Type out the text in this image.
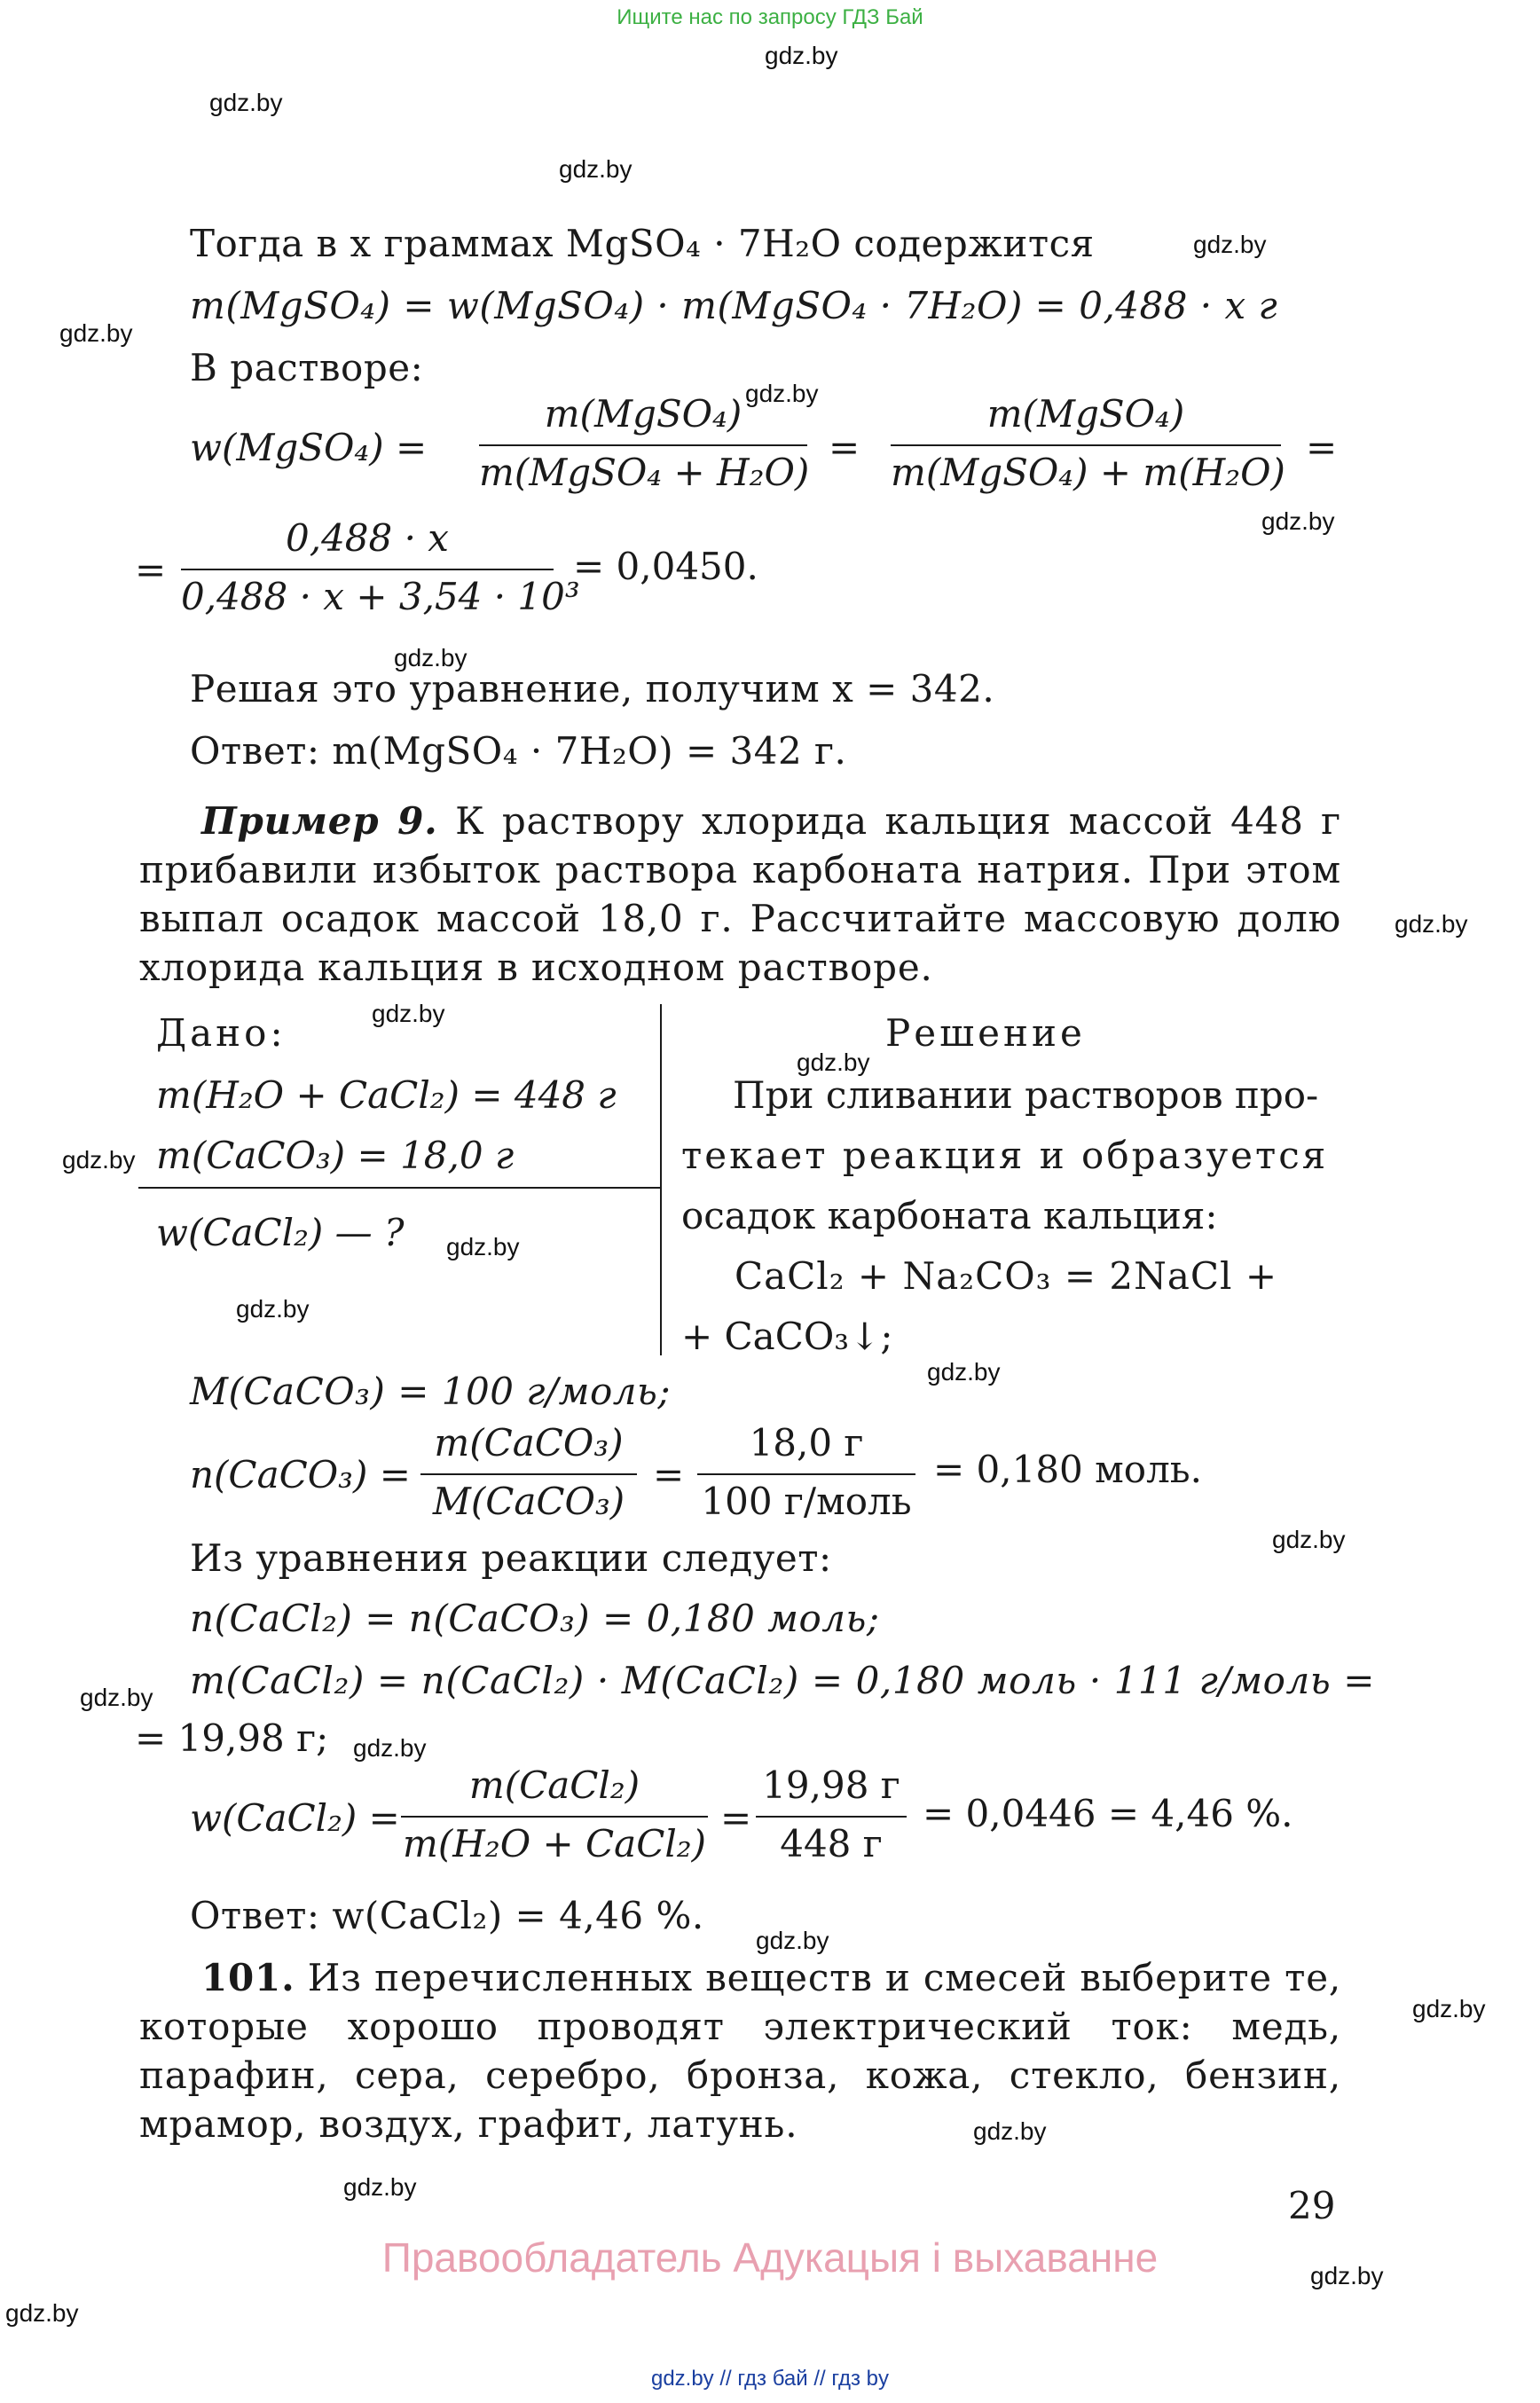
Ищите нас по запросу ГДЗ Бай
gdz.by
gdz.by
gdz.by
gdz.by
gdz.by
gdz.by
gdz.by
gdz.by
gdz.by
gdz.by
gdz.by
gdz.by
gdz.by
gdz.by
gdz.by
gdz.by
gdz.by
gdz.by
gdz.by
gdz.by
gdz.by
gdz.by
gdz.by
gdz.by
Тогда в x граммах MgSO₄ · 7H₂O содержится
m(MgSO₄) = w(MgSO₄) · m(MgSO₄ · 7H₂O) = 0,488 · x г
В растворе:
w(MgSO₄) =
m(MgSO₄)
m(MgSO₄ + H₂O)
=
m(MgSO₄)
m(MgSO₄) + m(H₂O)
=
=
0,488 · x
0,488 · x + 3,54 · 10³
= 0,0450.
Решая это уравнение, получим x = 342.
Ответ: m(MgSO₄ · 7H₂O) = 342 г.
Пример 9. К раствору хлорида кальция массой 448 г прибавили избыток раствора карбоната натрия. При этом выпал осадок массой 18,0 г. Рассчитайте массовую долю хлорида кальция в исходном растворе.
Дано:
m(H₂O + CaCl₂) = 448 г
m(CaCO₃) = 18,0 г
w(CaCl₂) — ?
Решение
При сливании растворов про-
текает реакция и образуется
осадок карбоната кальция:
CaCl₂ + Na₂CO₃ = 2NaCl +
+ CaCO₃↓;
M(CaCO₃) = 100 г/моль;
n(CaCO₃) =
m(CaCO₃)
M(CaCO₃)
=
18,0 г
100 г/моль
= 0,180 моль.
Из уравнения реакции следует:
n(CaCl₂) = n(CaCO₃) = 0,180 моль;
m(CaCl₂) = n(CaCl₂) · M(CaCl₂) = 0,180 моль · 111 г/моль =
= 19,98 г;
w(CaCl₂) =
m(CaCl₂)
m(H₂O + CaCl₂)
=
19,98 г
448 г
= 0,0446 = 4,46 %.
Ответ: w(CaCl₂) = 4,46 %.
101. Из перечисленных веществ и смесей выберите те, которые хорошо проводят электрический ток: медь, парафин, сера, серебро, бронза, кожа, стекло, бензин, мрамор, воздух, графит, латунь.
29
Правообладатель Адукацыя і выхаванне
gdz.by // гдз бай // гдз by
